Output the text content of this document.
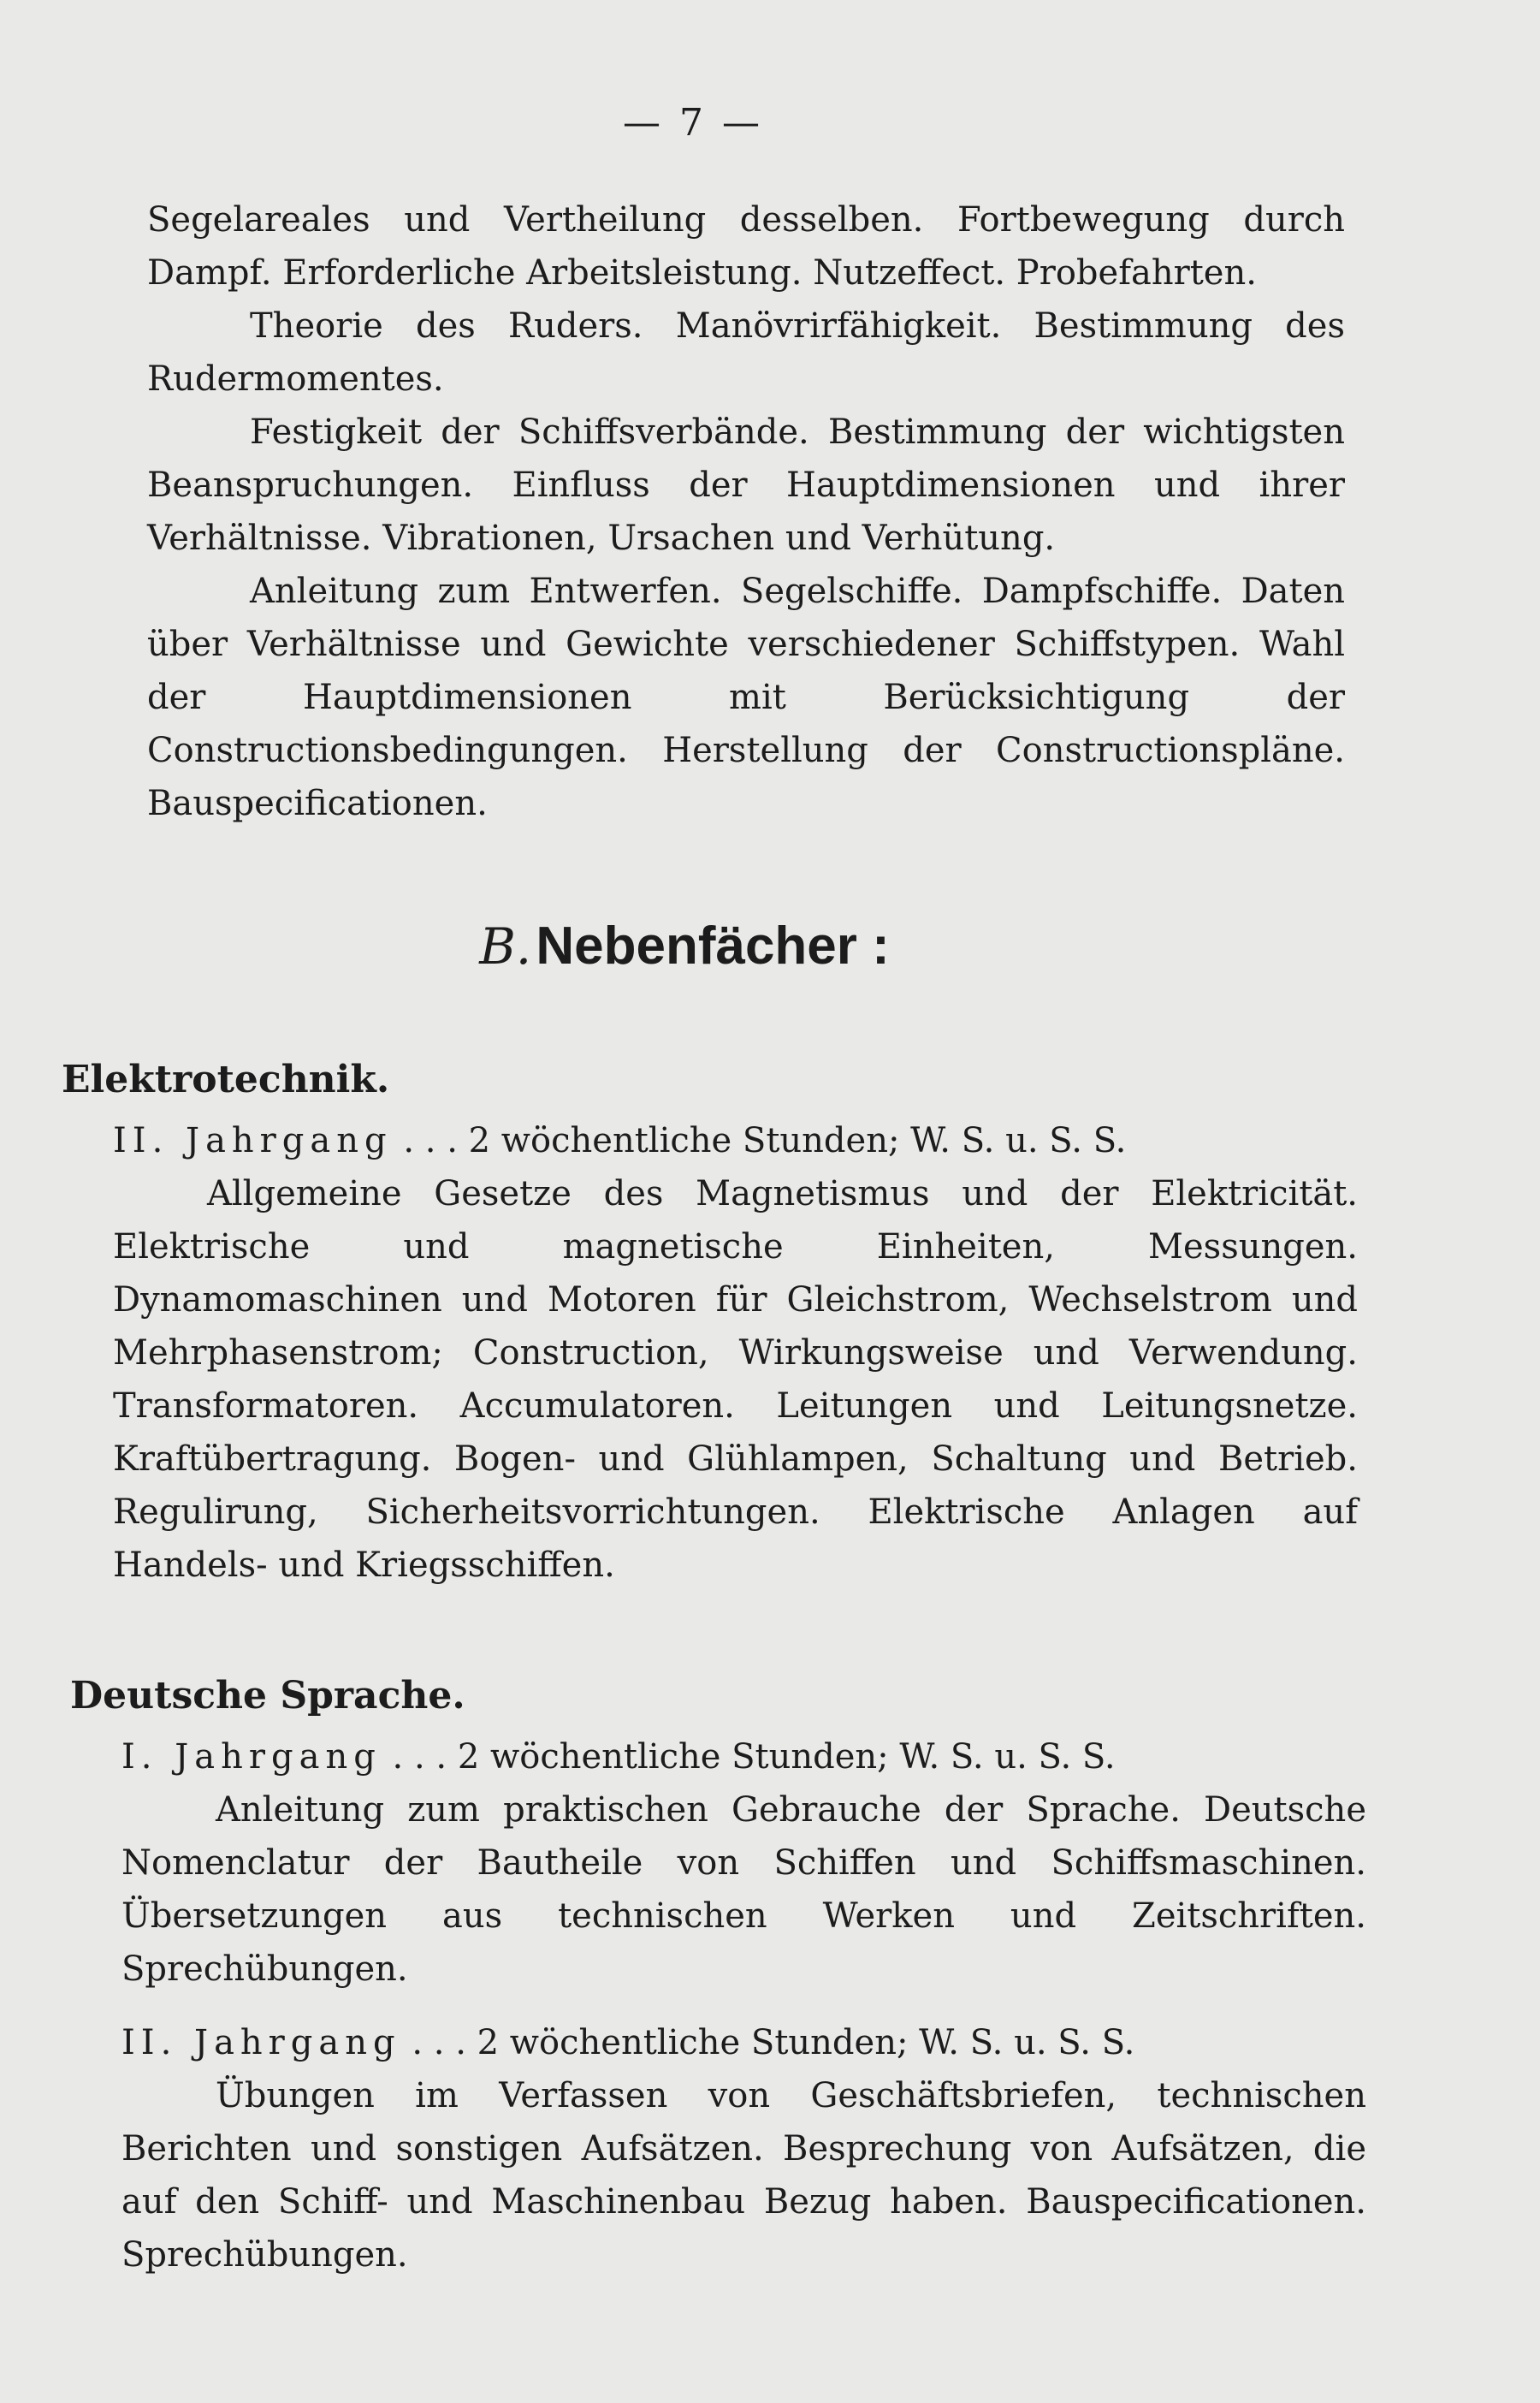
— 7 —

Segelareales und Vertheilung desselben. Fortbewegung durch Dampf. Erforderliche Arbeitsleistung. Nutzeffect. Probefahrten.

Theorie des Ruders. Manövrirfähigkeit. Bestimmung des Rudermomentes.

Festigkeit der Schiffsverbände. Bestimmung der wichtigsten Beanspruchungen. Einfluss der Hauptdimensionen und ihrer Verhältnisse. Vibrationen, Ursachen und Verhütung.

Anleitung zum Entwerfen. Segelschiffe. Dampfschiffe. Daten über Verhältnisse und Gewichte verschiedener Schiffstypen. Wahl der Hauptdimensionen mit Berücksichtigung der Constructionsbedingungen. Herstellung der Constructionspläne. Bauspecificationen.

B. Nebenfächer :

Elektrotechnik.

II. Jahrgang . . . 2 wöchentliche Stunden; W. S. u. S. S.

Allgemeine Gesetze des Magnetismus und der Elektricität. Elektrische und magnetische Einheiten, Messungen. Dynamomaschinen und Motoren für Gleichstrom, Wechselstrom und Mehrphasenstrom; Construction, Wirkungsweise und Verwendung. Transformatoren. Accumulatoren. Leitungen und Leitungsnetze. Kraftübertragung. Bogen- und Glühlampen, Schaltung und Betrieb. Regulirung, Sicherheitsvorrichtungen. Elektrische Anlagen auf Handels- und Kriegsschiffen.

Deutsche Sprache.

I. Jahrgang . . . 2 wöchentliche Stunden; W. S. u. S. S.

Anleitung zum praktischen Gebrauche der Sprache. Deutsche Nomenclatur der Bautheile von Schiffen und Schiffsmaschinen. Übersetzungen aus technischen Werken und Zeitschriften. Sprechübungen.

II. Jahrgang . . . 2 wöchentliche Stunden; W. S. u. S. S.

Übungen im Verfassen von Geschäftsbriefen, technischen Berichten und sonstigen Aufsätzen. Besprechung von Aufsätzen, die auf den Schiff- und Maschinenbau Bezug haben. Bauspecificationen. Sprechübungen.
